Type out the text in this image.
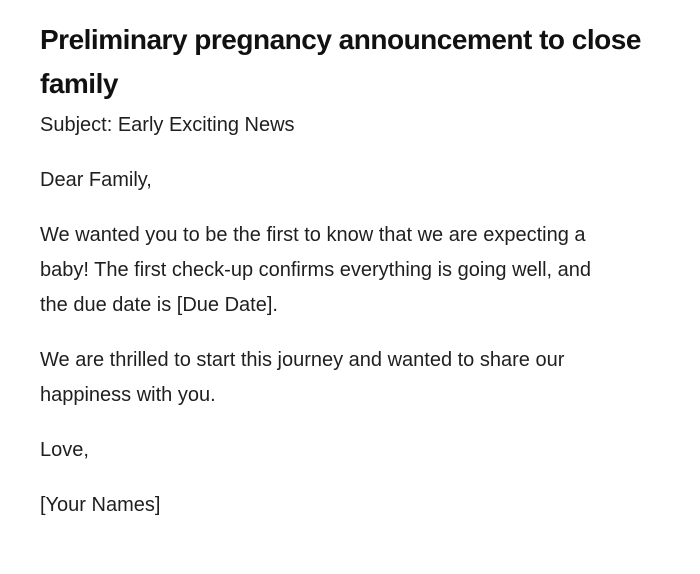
Preliminary pregnancy announcement to close family

Subject: Early Exciting News

Dear Family,

We wanted you to be the first to know that we are expecting a baby! The first check-up confirms everything is going well, and the due date is [Due Date].

We are thrilled to start this journey and wanted to share our happiness with you.

Love,

[Your Names]
